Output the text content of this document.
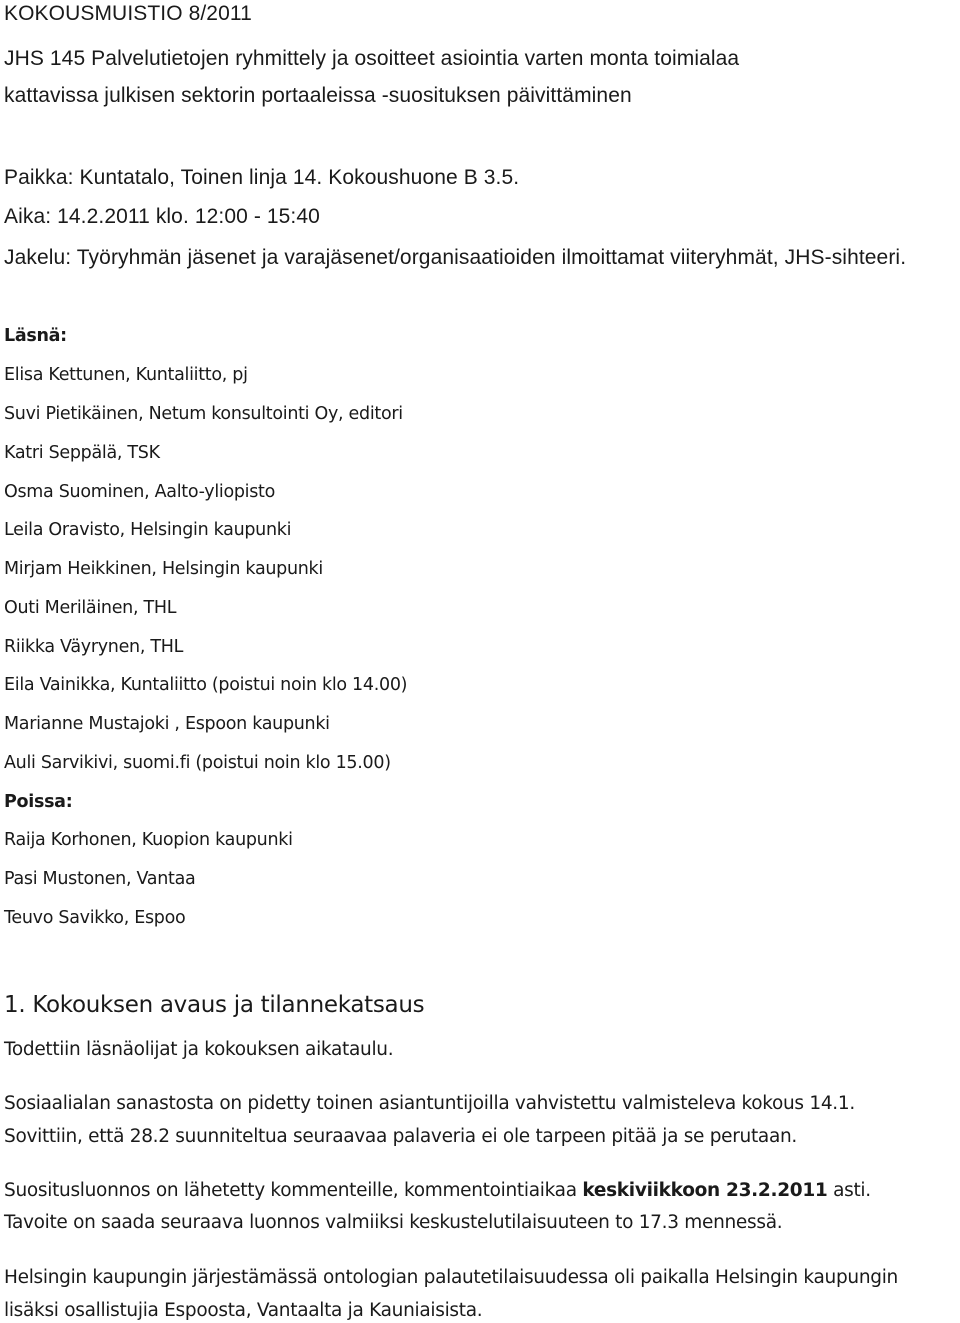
KOKOUSMUISTIO 8/2011

JHS 145 Palvelutietojen ryhmittely ja osoitteet asiointia varten monta toimialaa

kattavissa julkisen sektorin portaaleissa -suosituksen päivittäminen

Paikka: Kuntatalo, Toinen linja 14. Kokoushuone B 3.5.

Aika: 14.2.2011 klo. 12:00 - 15:40

Jakelu: Työryhmän jäsenet ja varajäsenet/organisaatioiden ilmoittamat viiteryhmät, JHS-sihteeri.

Läsnä:

Elisa Kettunen, Kuntaliitto, pj

Suvi Pietikäinen, Netum konsultointi Oy, editori

Katri Seppälä, TSK

Osma Suominen, Aalto-yliopisto

Leila Oravisto, Helsingin kaupunki

Mirjam Heikkinen, Helsingin kaupunki

Outi Meriläinen, THL

Riikka Väyrynen, THL

Eila Vainikka, Kuntaliitto (poistui noin klo 14.00)

Marianne Mustajoki , Espoon kaupunki

Auli Sarvikivi, suomi.fi (poistui noin klo 15.00)

Poissa:

Raija Korhonen, Kuopion kaupunki

Pasi Mustonen, Vantaa

Teuvo Savikko, Espoo

1. Kokouksen avaus ja tilannekatsaus

Todettiin läsnäolijat ja kokouksen aikataulu.

Sosiaalialan sanastosta on pidetty toinen asiantuntijoilla vahvistettu valmisteleva kokous 14.1.

Sovittiin, että 28.2 suunniteltua seuraavaa palaveria ei ole tarpeen pitää ja se perutaan.

Suositusluonnos on lähetetty kommenteille, kommentointiaikaa keskiviikkoon 23.2.2011 asti.

Tavoite on saada seuraava luonnos valmiiksi keskustelutilaisuuteen to 17.3 mennessä.

Helsingin kaupungin järjestämässä ontologian palautetilaisuudessa oli paikalla Helsingin kaupungin

lisäksi osallistujia Espoosta, Vantaalta ja Kauniaisista.
